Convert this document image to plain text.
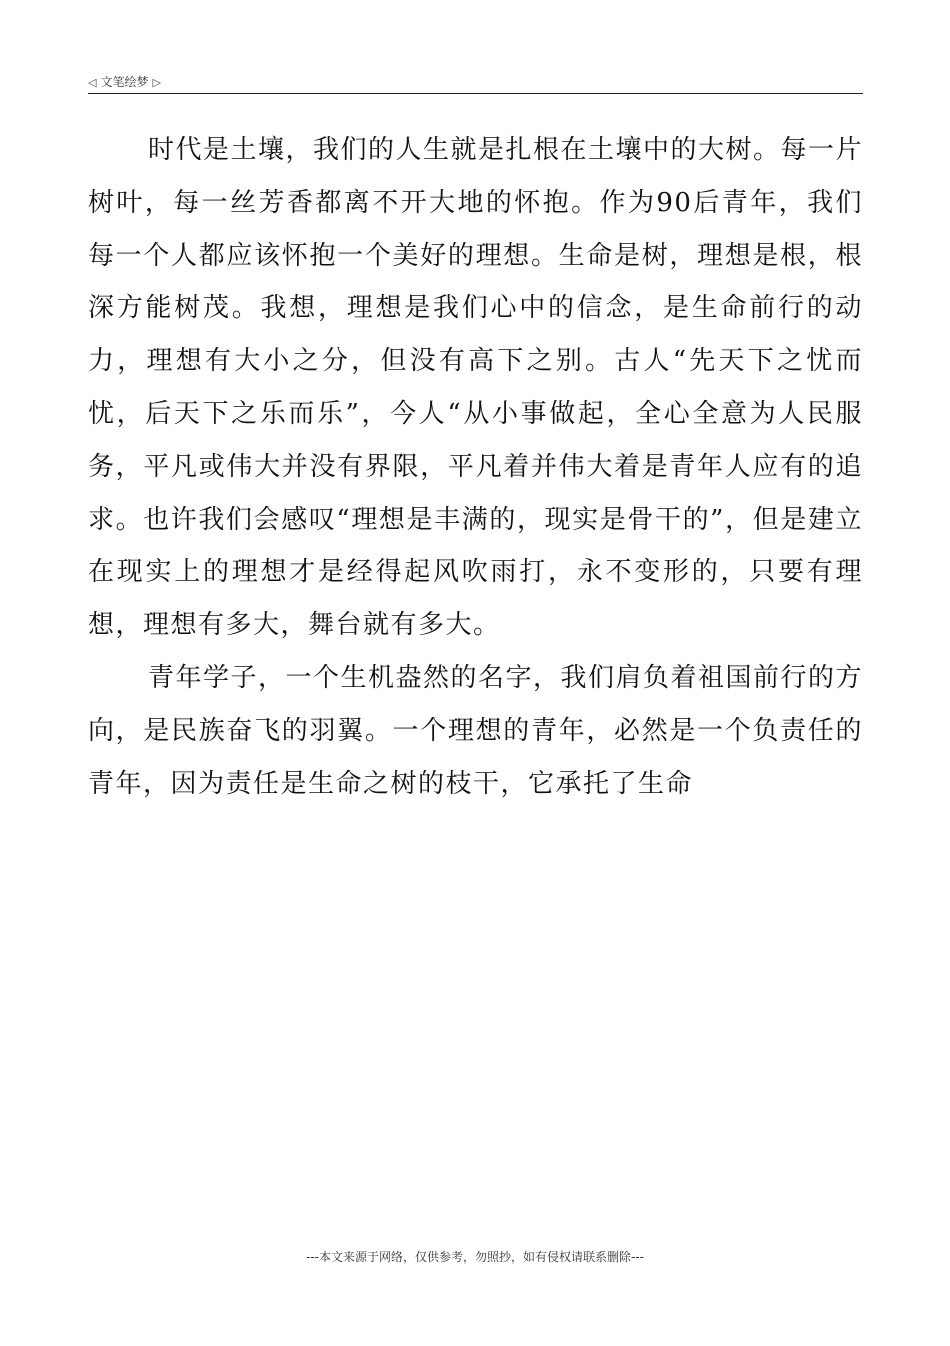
◁ 文笔绘梦 ▷

时代是土壤，我们的人生就是扎根在土壤中的大树。每一片树叶，每一丝芳香都离不开大地的怀抱。作为90后青年，我们每一个人都应该怀抱一个美好的理想。生命是树，理想是根，根深方能树茂。我想，理想是我们心中的信念，是生命前行的动力，理想有大小之分，但没有高下之别。古人“先天下之忧而忧，后天下之乐而乐”，今人“从小事做起，全心全意为人民服务，平凡或伟大并没有界限，平凡着并伟大着是青年人应有的追求。也许我们会感叹“理想是丰满的，现实是骨干的”，但是建立在现实上的理想才是经得起风吹雨打，永不变形的，只要有理想，理想有多大，舞台就有多大。

青年学子，一个生机盎然的名字，我们肩负着祖国前行的方向，是民族奋飞的羽翼。一个理想的青年，必然是一个负责任的青年，因为责任是生命之树的枝干，它承托了生命

---本文来源于网络，仅供参考，勿照抄，如有侵权请联系删除---
